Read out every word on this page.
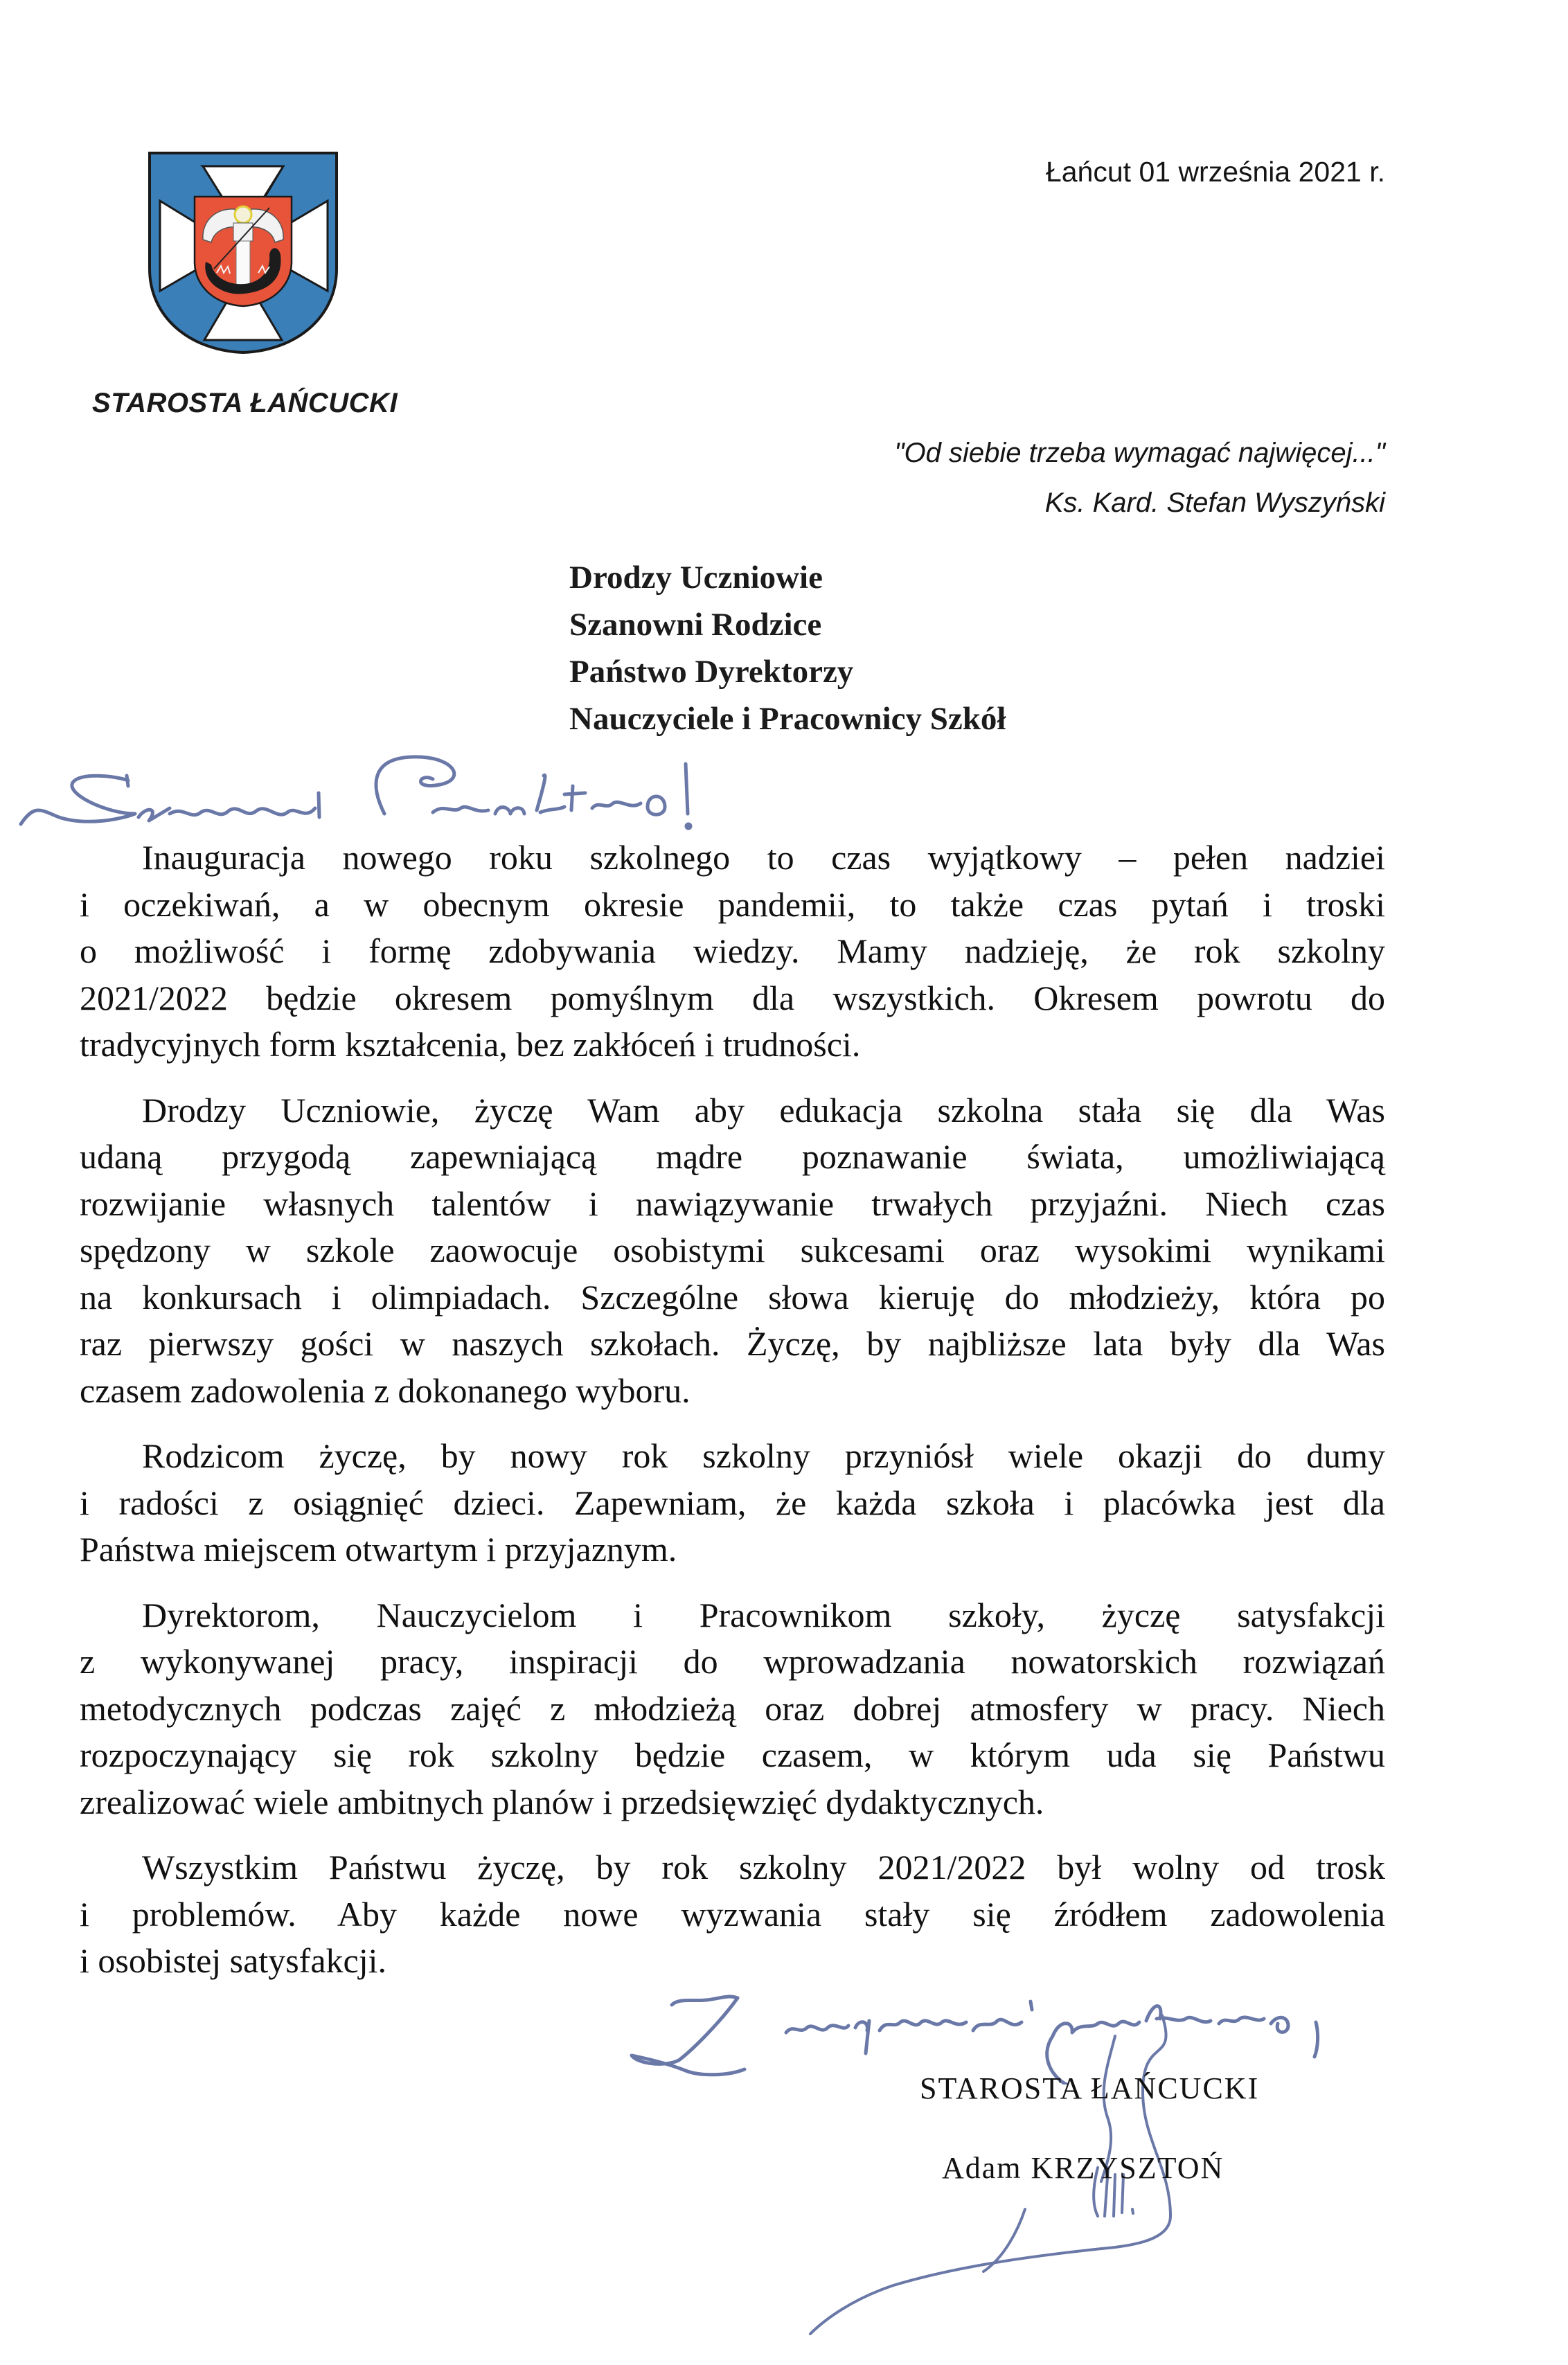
STAROSTA ŁAŃCUCKI
Łańcut 01 września 2021 r.
"Od siebie trzeba wymagać najwięcej..."
Ks. Kard. Stefan Wyszyński
Drodzy Uczniowie
Szanowni Rodzice
Państwo Dyrektorzy
Nauczyciele i Pracownicy Szkół

Inauguracja nowego roku szkolnego to czas wyjątkowy – pełen nadziei
i oczekiwań, a w obecnym okresie pandemii, to także czas pytań i troski
o możliwość i formę zdobywania wiedzy. Mamy nadzieję, że rok szkolny
2021/2022 będzie okresem pomyślnym dla wszystkich. Okresem powrotu do
tradycyjnych form kształcenia, bez zakłóceń i trudności.

Drodzy Uczniowie, życzę Wam aby edukacja szkolna stała się dla Was
udaną przygodą zapewniającą mądre poznawanie świata, umożliwiającą
rozwijanie własnych talentów i nawiązywanie trwałych przyjaźni. Niech czas
spędzony w szkole zaowocuje osobistymi sukcesami oraz wysokimi wynikami
na konkursach i olimpiadach. Szczególne słowa kieruję do młodzieży, która po
raz pierwszy gości w naszych szkołach. Życzę, by najbliższe lata były dla Was
czasem zadowolenia z dokonanego wyboru.

Rodzicom życzę, by nowy rok szkolny przyniósł wiele okazji do dumy
i radości z osiągnięć dzieci. Zapewniam, że każda szkoła i placówka jest dla
Państwa miejscem otwartym i przyjaznym.

Dyrektorom, Nauczycielom i Pracownikom szkoły, życzę satysfakcji
z wykonywanej pracy, inspiracji do wprowadzania nowatorskich rozwiązań
metodycznych podczas zajęć z młodzieżą oraz dobrej atmosfery w pracy. Niech
rozpoczynający się rok szkolny będzie czasem, w którym uda się Państwu
zrealizować wiele ambitnych planów i przedsięwzięć dydaktycznych.

Wszystkim Państwu życzę, by rok szkolny 2021/2022 był wolny od trosk
i problemów. Aby każde nowe wyzwania stały się źródłem zadowolenia
i osobistej satysfakcji.

STAROSTA ŁAŃCUCKI
Adam KRZYSZTOŃ
